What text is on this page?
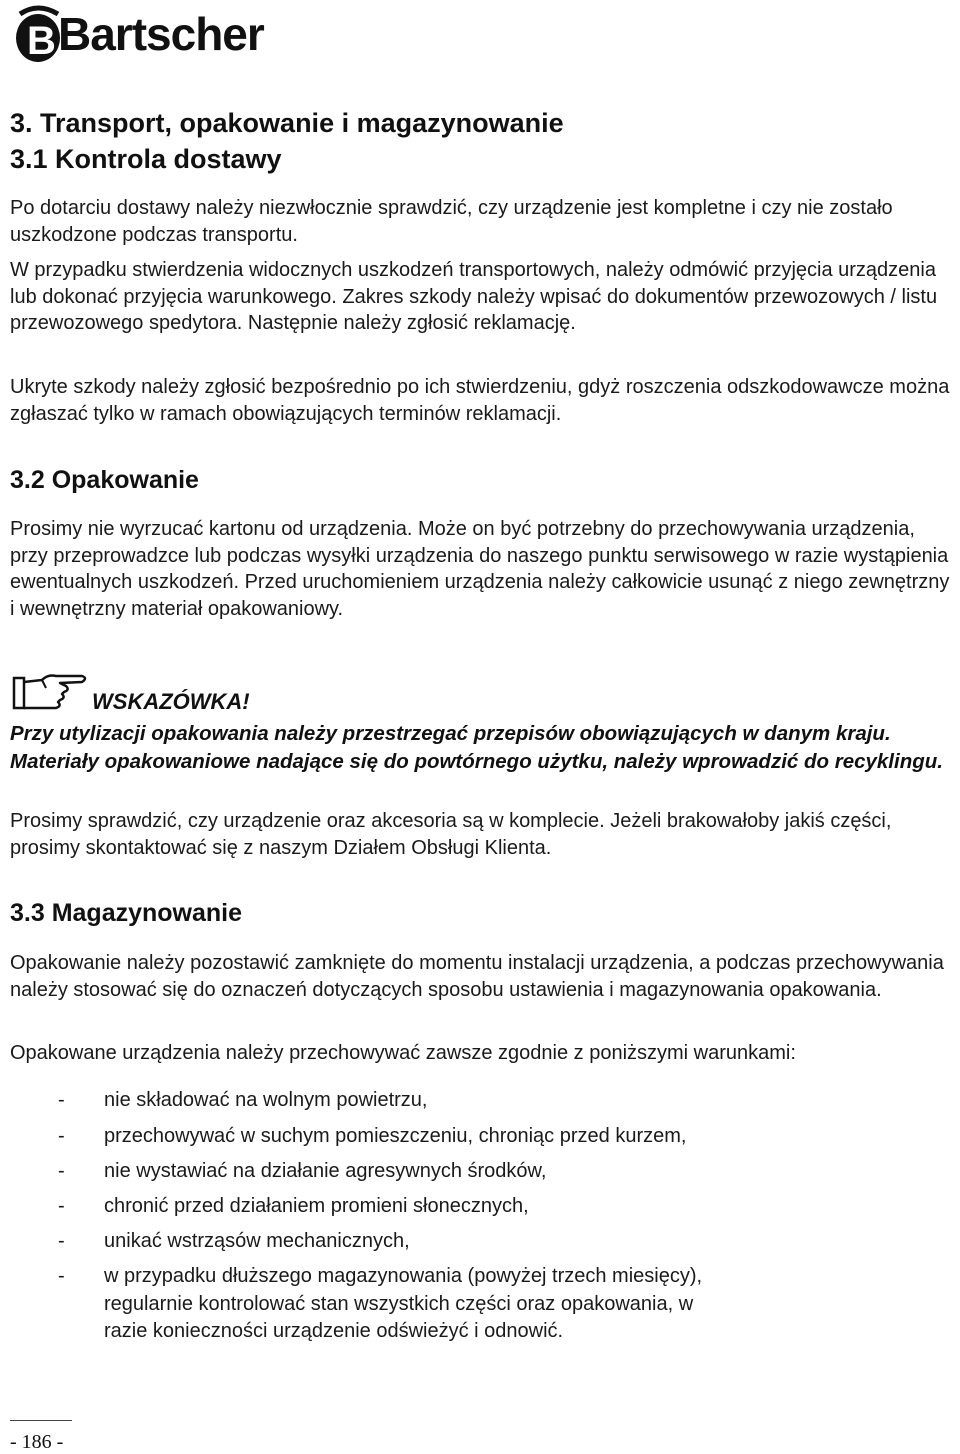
B Bartscher
3. Transport, opakowanie i magazynowanie
3.1 Kontrola dostawy

Po dotarciu dostawy należy niezwłocznie sprawdzić, czy urządzenie jest kompletne i czy nie zostało uszkodzone podczas transportu.

W przypadku stwierdzenia widocznych uszkodzeń transportowych, należy odmówić przyjęcia urządzenia lub dokonać przyjęcia warunkowego. Zakres szkody należy wpisać do dokumentów przewozowych / listu przewozowego spedytora. Następnie należy zgłosić reklamację.

Ukryte szkody należy zgłosić bezpośrednio po ich stwierdzeniu, gdyż roszczenia odszkodowawcze można zgłaszać tylko w ramach obowiązujących terminów reklamacji.

3.2 Opakowanie

Prosimy nie wyrzucać kartonu od urządzenia. Może on być potrzebny do przechowywania urządzenia, przy przeprowadzce lub podczas wysyłki urządzenia do naszego punktu serwisowego w razie wystąpienia ewentualnych uszkodzeń. Przed uruchomieniem urządzenia należy całkowicie usunąć z niego zewnętrzny i wewnętrzny materiał opakowaniowy.

WSKAZÓWKA!
Przy utylizacji opakowania należy przestrzegać przepisów obowiązujących w danym kraju. Materiały opakowaniowe nadające się do powtórnego użytku, należy wprowadzić do recyklingu.

Prosimy sprawdzić, czy urządzenie oraz akcesoria są w komplecie. Jeżeli brakowałoby jakiś części, prosimy skontaktować się z naszym Działem Obsługi Klienta.

3.3 Magazynowanie

Opakowanie należy pozostawić zamknięte do momentu instalacji urządzenia, a podczas przechowywania należy stosować się do oznaczeń dotyczących sposobu ustawienia i magazynowania opakowania.

Opakowane urządzenia należy przechowywać zawsze zgodnie z poniższymi warunkami:

- nie składować na wolnym powietrzu,
- przechowywać w suchym pomieszczeniu, chroniąc przed kurzem,
- nie wystawiać na działanie agresywnych środków,
- chronić przed działaniem promieni słonecznych,
- unikać wstrząsów mechanicznych,
- w przypadku dłuższego magazynowania (powyżej trzech miesięcy), regularnie kontrolować stan wszystkich części oraz opakowania, w razie konieczności urządzenie odświeżyć i odnowić.
- 186 -
